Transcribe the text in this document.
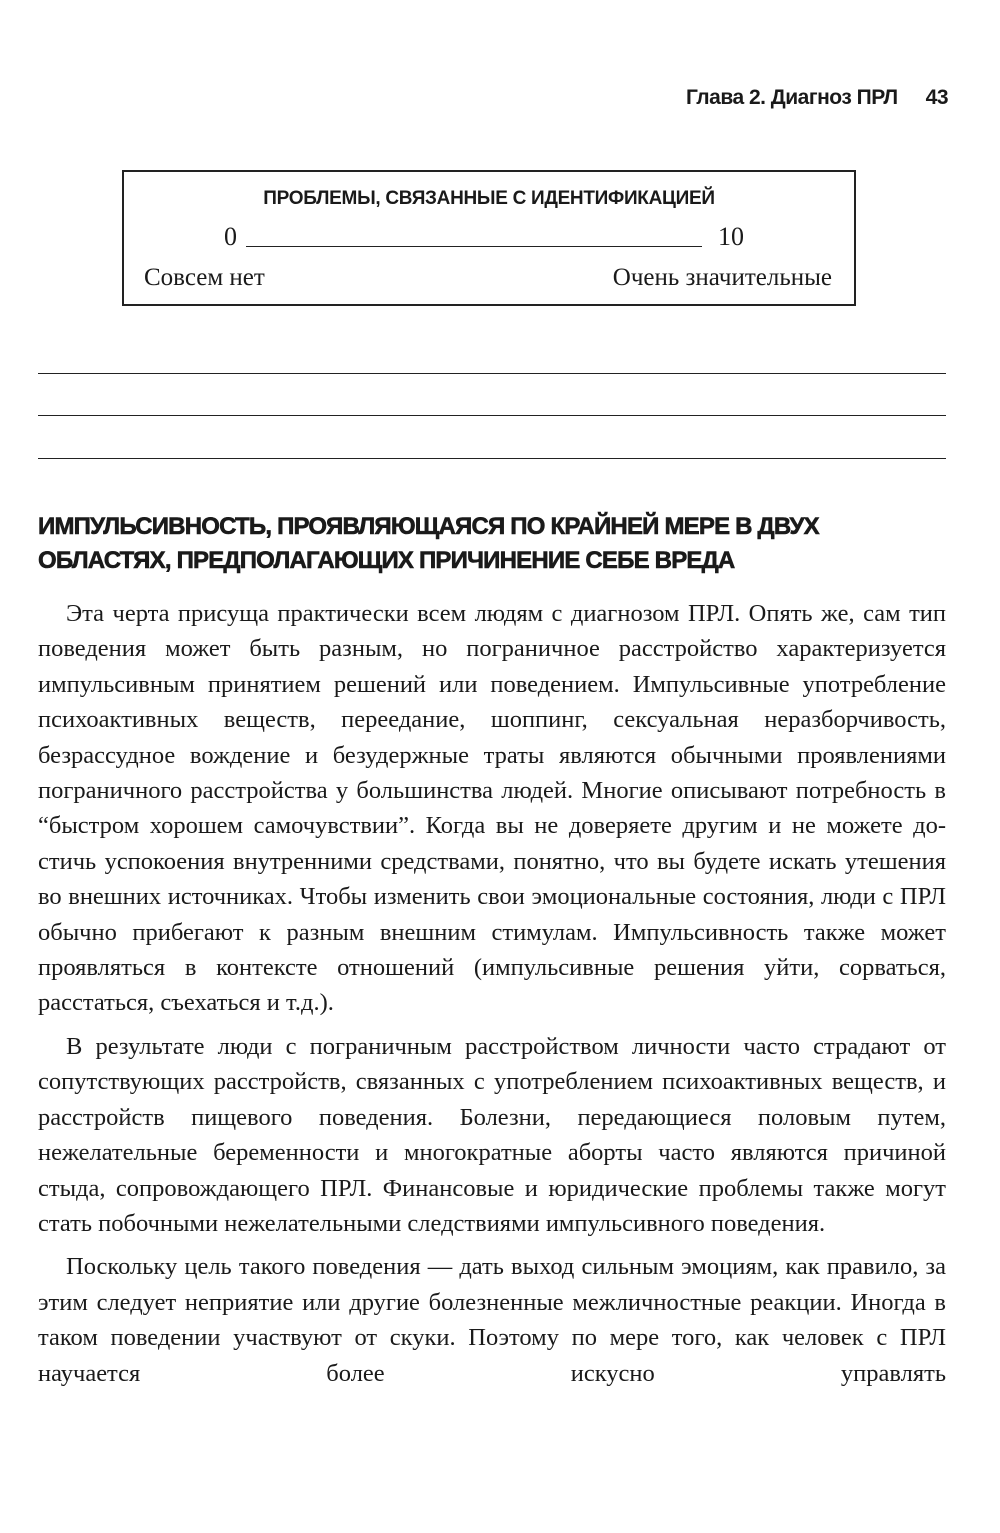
Глава 2. Диагноз ПРЛ 43
ПРОБЛЕМЫ, СВЯЗАННЫЕ С ИДЕНТИФИКАЦИЕЙ
0	10
Совсем нет	Очень значительные
ИМПУЛЬСИВНОСТЬ, ПРОЯВЛЯЮЩАЯСЯ ПО КРАЙНЕЙ МЕРЕ В ДВУХ ОБЛАСТЯХ, ПРЕДПОЛАГАЮЩИХ ПРИЧИНЕНИЕ СЕБЕ ВРЕДА

Эта черта присуща практически всем людям с диагнозом ПРЛ. Опять же, сам тип поведения может быть разным, но пограничное расстройство характеризуется импульсивным принятием решений или поведением. Импульсивные употребление психоактивных веществ, переедание, шоппинг, сексуальная неразборчивость, безрассудное вождение и безудержные траты являются обычными проявлениями пограничного расстройства у большинства людей. Многие описывают потребность в “быстром хорошем самочувствии”. Когда вы не доверяете другим и не можете достичь успокоения внутренними средствами, понятно, что вы будете искать утешения во внешних источниках. Чтобы изменить свои эмоциональные состояния, люди с ПРЛ обычно прибегают к разным внешним стимулам. Импульсивность также может проявляться в контексте отношений (импульсивные решения уйти, сорваться, расстаться, съехаться и т.д.).

В результате люди с пограничным расстройством личности часто страдают от сопутствующих расстройств, связанных с употреблением психоактивных веществ, и расстройств пищевого поведения. Болезни, передающиеся половым путем, нежелательные беременности и многократные аборты часто являются причиной стыда, сопровождающего ПРЛ. Финансовые и юридические проблемы также могут стать побочными нежелательными следствиями импульсивного поведения.

Поскольку цель такого поведения — дать выход сильным эмоциям, как правило, за этим следует неприятие или другие болезненные межличностные реакции. Иногда в таком поведении участвуют от скуки. Поэтому по мере того, как человек с ПРЛ научается более искусно управлять
